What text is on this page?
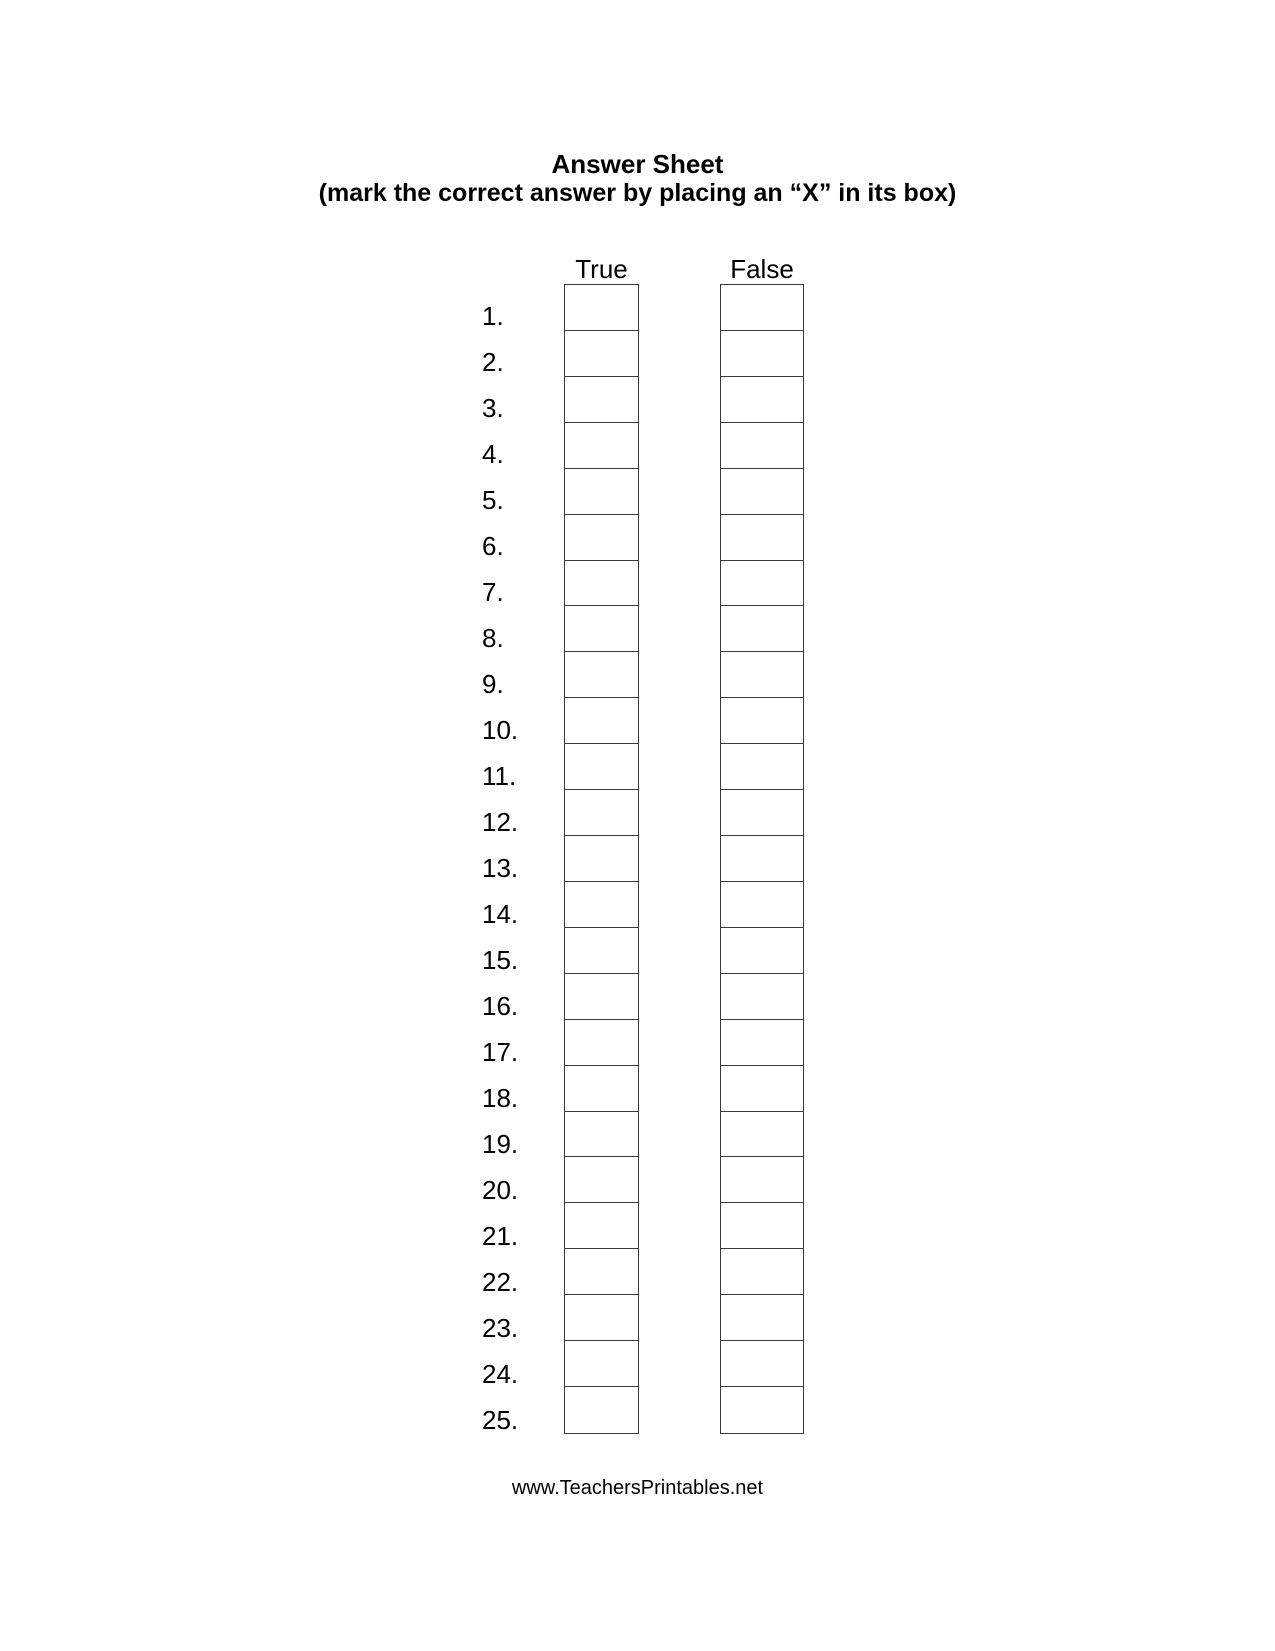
Answer Sheet
(mark the correct answer by placing an “X” in its box)
True	False
1.
2.
3.
4.
5.
6.
7.
8.
9.
10.
11.
12.
13.
14.
15.
16.
17.
18.
19.
20.
21.
22.
23.
24.
25.
www.TeachersPrintables.net
